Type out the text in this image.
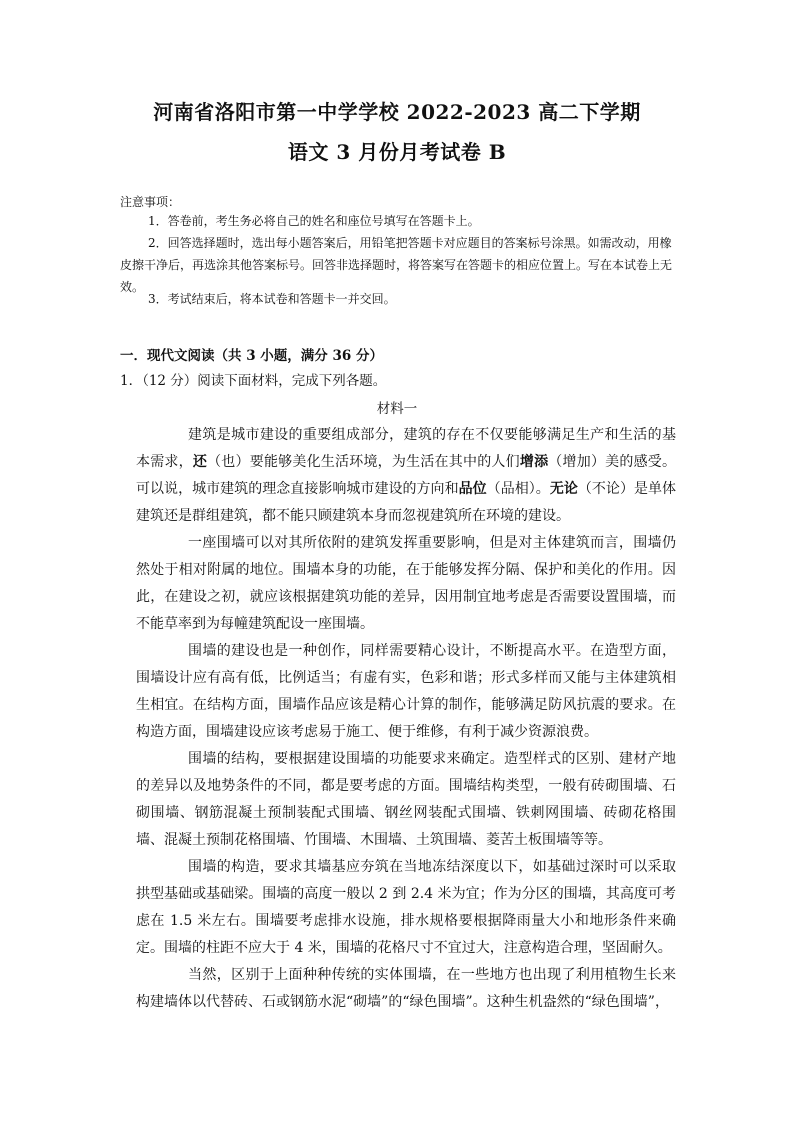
河南省洛阳市第一中学学校 2022-2023 高二下学期
语文 3 月份月考试卷 B
注意事项：
1．答卷前，考生务必将自己的姓名和座位号填写在答题卡上。
2．回答选择题时，选出每小题答案后，用铅笔把答题卡对应题目的答案标号涂黑。如需改动，用橡皮擦干净后，再选涂其他答案标号。回答非选择题时，将答案写在答题卡的相应位置上。写在本试卷上无效。
3．考试结束后，将本试卷和答题卡一并交回。
一．现代文阅读（共 3 小题，满分 36 分）
1．（12 分）阅读下面材料，完成下列各题。
材料一
建筑是城市建设的重要组成部分，建筑的存在不仅要能够满足生产和生活的基本需求，还（也）要能够美化生活环境，为生活在其中的人们增添（增加）美的感受。可以说，城市建筑的理念直接影响城市建设的方向和品位（品相）。无论（不论）是单体建筑还是群组建筑，都不能只顾建筑本身而忽视建筑所在环境的建设。
一座围墙可以对其所依附的建筑发挥重要影响，但是对主体建筑而言，围墙仍然处于相对附属的地位。围墙本身的功能，在于能够发挥分隔、保护和美化的作用。因此，在建设之初，就应该根据建筑功能的差异，因用制宜地考虑是否需要设置围墙，而不能草率到为每幢建筑配设一座围墙。
围墙的建设也是一种创作，同样需要精心设计，不断提高水平。在造型方面，围墙设计应有高有低，比例适当；有虚有实，色彩和谐；形式多样而又能与主体建筑相生相宜。在结构方面，围墙作品应该是精心计算的制作，能够满足防风抗震的要求。在构造方面，围墙建设应该考虑易于施工、便于维修，有利于减少资源浪费。
围墙的结构，要根据建设围墙的功能要求来确定。造型样式的区别、建材产地的差异以及地势条件的不同，都是要考虑的方面。围墙结构类型，一般有砖砌围墙、石砌围墙、钢筋混凝土预制装配式围墙、钢丝网装配式围墙、铁刺网围墙、砖砌花格围墙、混凝土预制花格围墙、竹围墙、木围墙、土筑围墙、菱苦土板围墙等等。
围墙的构造，要求其墙基应夯筑在当地冻结深度以下，如基础过深时可以采取拱型基础或基础梁。围墙的高度一般以 2 到 2.4 米为宜；作为分区的围墙，其高度可考虑在 1.5 米左右。围墙要考虑排水设施，排水规格要根据降雨量大小和地形条件来确定。围墙的柱距不应大于 4 米，围墙的花格尺寸不宜过大，注意构造合理，坚固耐久。
当然，区别于上面种种传统的实体围墙，在一些地方也出现了利用植物生长来构建墙体以代替砖、石或钢筋水泥“砌墙”的“绿色围墙”。这种生机盎然的“绿色围墙”，
